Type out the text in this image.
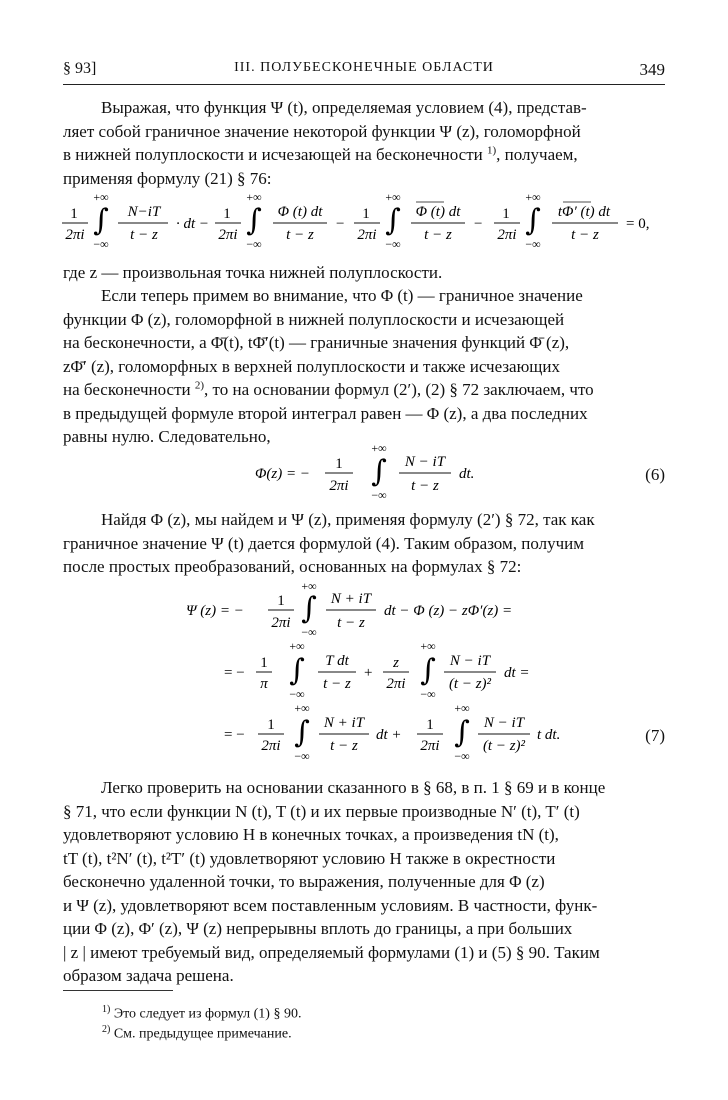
§ 93]	III. ПОЛУБЕСКОНЕЧНЫЕ ОБЛАСТИ	349
Выражая, что функция Ψ (t), определяемая условием (4), представ-
ляет собой граничное значение некоторой функции Ψ (z), голоморфной
в нижней полуплоскости и исчезающей на бесконечности $^{1)}$, получаем,
применяя формулу (21) § 76:
1
2πi
+∞
∫
−∞
N−iT
t − z
· dt −
1
2πi
+∞
∫
−∞
Φ (t) dt
t − z
−
1
2πi
+∞
∫
−∞
Φ (t) dt
t − z
−
1
2πi
+∞
∫
−∞
tΦ′ (t) dt
t − z
= 0,
где z — произвольная точка нижней полуплоскости.
Если теперь примем во внимание, что Φ (t) — граничное значение
функции Φ (z), голоморфной в нижней полуплоскости и исчезающей
на бесконечности, а Φ̄(t), tΦ̄′(t) — граничные значения функций Φ̄ (z),
zΦ̄′ (z), голоморфных в верхней полуплоскости и также исчезающих
на бесконечности $^{2)}$, то на основании формул (2′), (2) § 72 заключаем, что
в предыдущей формуле второй интеграл равен — Φ (z), а два последних
равны нулю. Следовательно,
Φ(z) = −
1
2πi
+∞
∫
−∞
N − iT
t − z
dt.	(6)
Найдя Φ (z), мы найдем и Ψ (z), применяя формулу (2′) § 72, так как
граничное значение Ψ (t) дается формулой (4). Таким образом, получим
после простых преобразований, основанных на формулах § 72:
Ψ (z) = −
1
2πi
+∞
∫
−∞
N + iT
t − z
dt − Φ (z) − zΦ′(z) =
= −
1
π
+∞
∫
−∞
T dt
t − z
+
z
2πi
+∞
∫
−∞
N − iT
(t − z)²
dt =
= −
1
2πi
+∞
∫
−∞
N + iT
t − z
dt +
1
2πi
+∞
∫
−∞
N − iT
(t − z)²
t dt.	(7)
Легко проверить на основании сказанного в § 68, в п. 1 § 69 и в конце
§ 71, что если функции N (t), T (t) и их первые производные N′ (t), T′ (t)
удовлетворяют условию H в конечных точках, а произведения tN (t),
tT (t), t²N′ (t), t²T′ (t) удовлетворяют условию H также в окрестности
бесконечно удаленной точки, то выражения, полученные для Φ (z)
и Ψ (z), удовлетворяют всем поставленным условиям. В частности, функ-
ции Φ (z), Φ′ (z), Ψ (z) непрерывны вплоть до границы, а при больших
| z | имеют требуемый вид, определяемый формулами (1) и (5) § 90. Таким
образом задача решена.
$^{1)}$ Это следует из формул (1) § 90.
$^{2)}$ См. предыдущее примечание.
